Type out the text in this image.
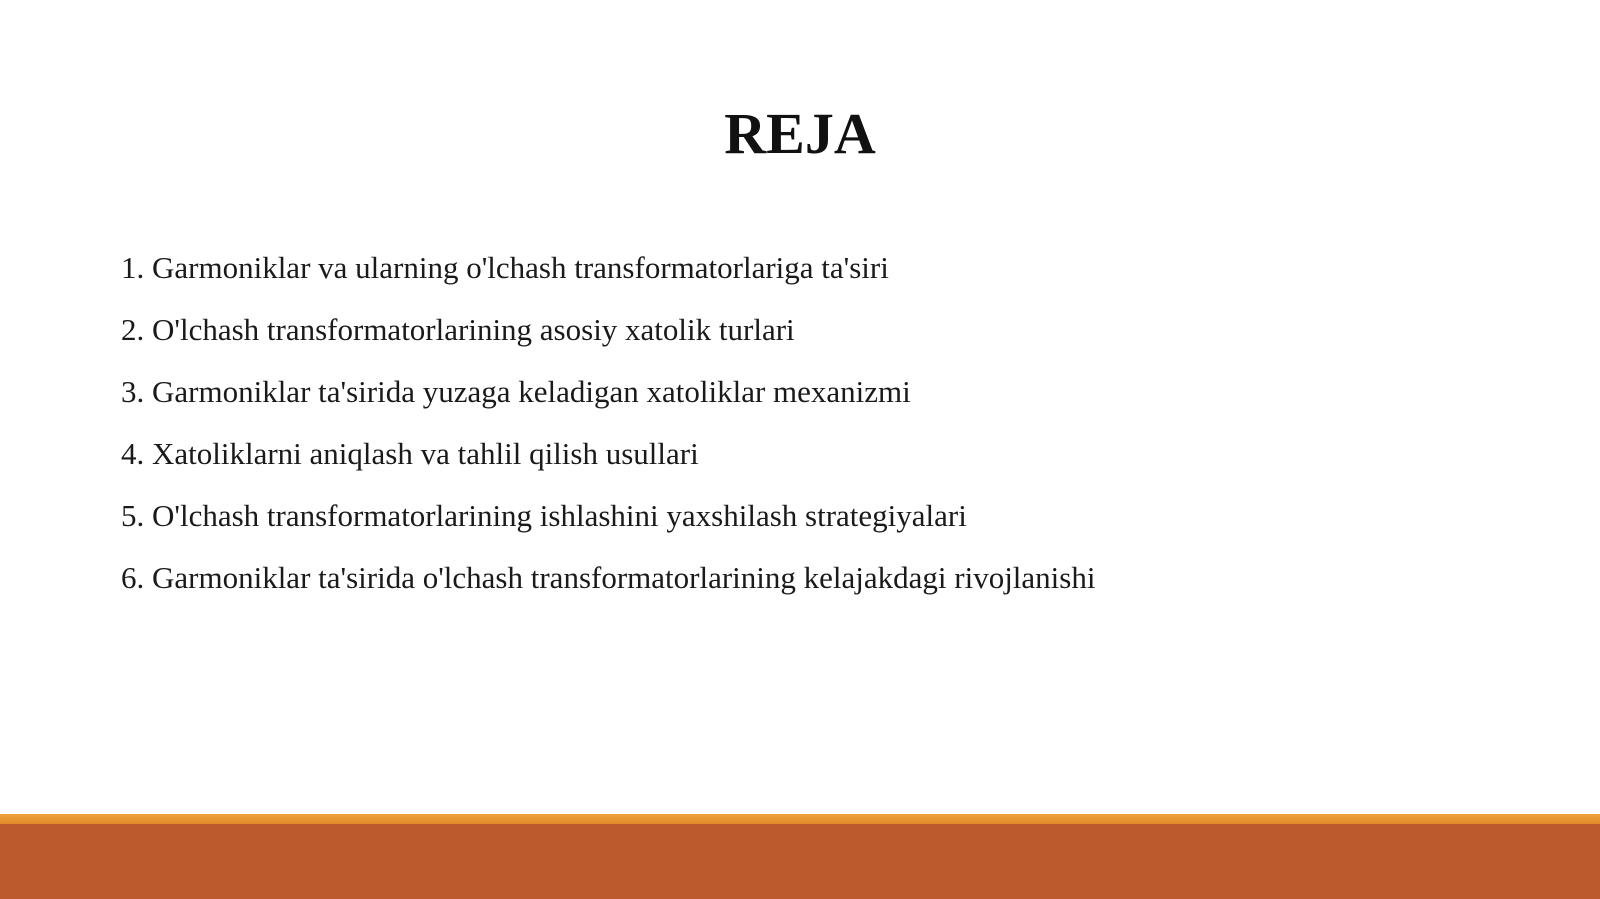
REJA
1. Garmoniklar va ularning o'lchash transformatorlariga ta'siri
2. O'lchash transformatorlarining asosiy xatolik turlari
3. Garmoniklar ta'sirida yuzaga keladigan xatoliklar mexanizmi
4. Xatoliklarni aniqlash va tahlil qilish usullari
5. O'lchash transformatorlarining ishlashini yaxshilash strategiyalari
6. Garmoniklar ta'sirida o'lchash transformatorlarining kelajakdagi rivojlanishi
